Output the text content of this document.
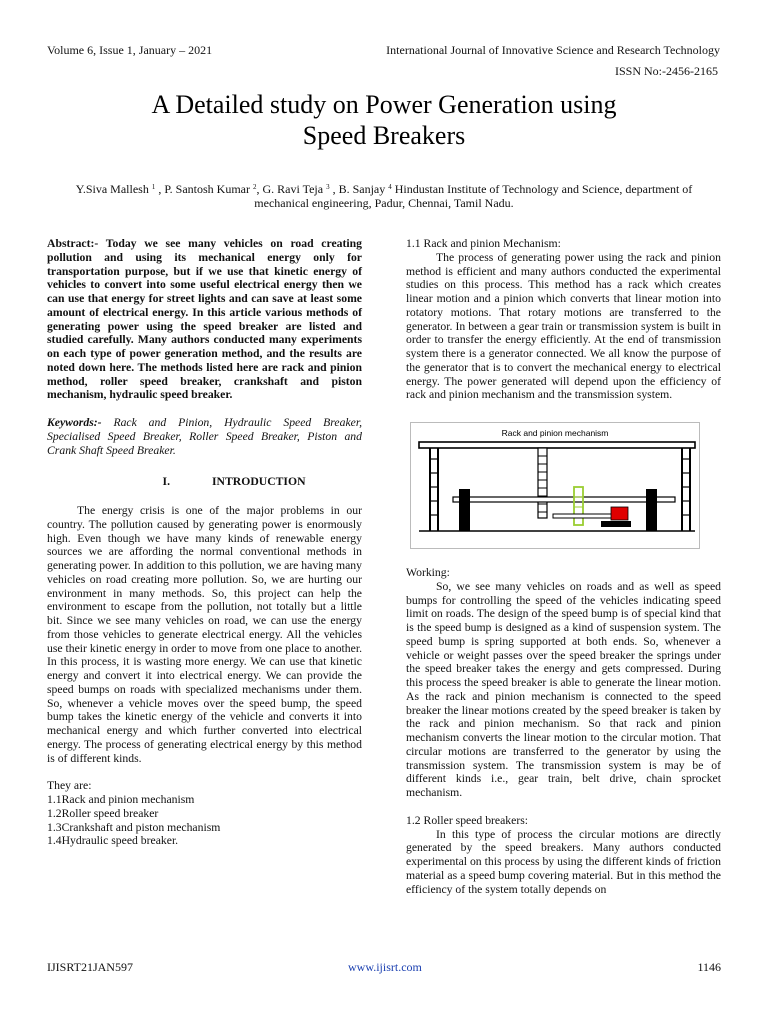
Volume 6, Issue 1, January – 2021	International Journal of Innovative Science and Research Technology
ISSN No:-2456-2165
A Detailed study on Power Generation using
Speed Breakers
Y.Siva Mallesh $^1$ , P. Santosh Kumar $^2$, G. Ravi Teja $^3$ , B. Sanjay $^4$ Hindustan Institute of Technology and Science, department of mechanical engineering, Padur, Chennai, Tamil Nadu.

Abstract:- Today we see many vehicles on road creating pollution and using its mechanical energy only for transportation purpose, but if we use that kinetic energy of vehicles to convert into some useful electrical energy then we can use that energy for street lights and can save at least some amount of electrical energy. In this article various methods of generating power using the speed breaker are listed and studied carefully. Many authors conducted many experiments on each type of power generation method, and the results are noted down here. The methods listed here are rack and pinion method, roller speed breaker, crankshaft and piston mechanism, hydraulic speed breaker.

Keywords:- Rack and Pinion, Hydraulic Speed Breaker, Specialised Speed Breaker, Roller Speed Breaker, Piston and Crank Shaft Speed Breaker.

I.	INTRODUCTION

The energy crisis is one of the major problems in our country. The pollution caused by generating power is enormously high. Even though we have many kinds of renewable energy sources we are affording the normal conventional methods in generating power. In addition to this pollution, we are having many vehicles on road creating more pollution. So, we are hurting our environment in many methods. So, this project can help the environment to escape from the pollution, not totally but a little bit. Since we see many vehicles on road, we can use the energy from those vehicles to generate electrical energy. All the vehicles use their kinetic energy in order to move from one place to another. In this process, it is wasting more energy. We can use that kinetic energy and convert it into electrical energy. We can provide the speed bumps on roads with specialized mechanisms under them. So, whenever a vehicle moves over the speed bump, the speed bump takes the kinetic energy of the vehicle and converts it into mechanical energy and which further converted into electrical energy. The process of generating electrical energy by this method is of different kinds.

They are:
1.1Rack and pinion mechanism
1.2Roller speed breaker
1.3Crankshaft and piston mechanism
1.4Hydraulic speed breaker.

1.1 Rack and pinion Mechanism:

The process of generating power using the rack and pinion method is efficient and many authors conducted the experimental studies on this process. This method has a rack which creates linear motion and a pinion which converts that linear motion into rotatory motions. That rotary motions are transferred to the generator. In between a gear train or transmission system is built in order to transfer the energy efficiently. At the end of transmission system there is a generator connected. We all know the purpose of the generator that is to convert the mechanical energy to electrical energy. The power generated will depend upon the efficiency of rack and pinion mechanism and the transmission system.

Rack and pinion mechanism

Working:

So, we see many vehicles on roads and as well as speed bumps for controlling the speed of the vehicles indicating speed limit on roads. The design of the speed bump is of special kind that is the speed bump is designed as a kind of suspension system. The speed bump is spring supported at both ends. So, whenever a vehicle or weight passes over the speed breaker the springs under the speed breaker takes the energy and gets compressed. During this process the speed breaker is able to generate the linear motion. As the rack and pinion mechanism is connected to the speed breaker the linear motions created by the speed breaker is taken by the rack and pinion mechanism. So that rack and pinion mechanism converts the linear motion to the circular motion. That circular motions are transferred to the generator by using the transmission system. The transmission system is may be of different kinds i.e., gear train, belt drive, chain sprocket mechanism.

1.2 Roller speed breakers:

In this type of process the circular motions are directly generated by the speed breakers. Many authors conducted experimental on this process by using the different kinds of friction material as a speed bump covering material. But in this method the efficiency of the system totally depends on

IJISRT21JAN597	www.ijisrt.com	1146
